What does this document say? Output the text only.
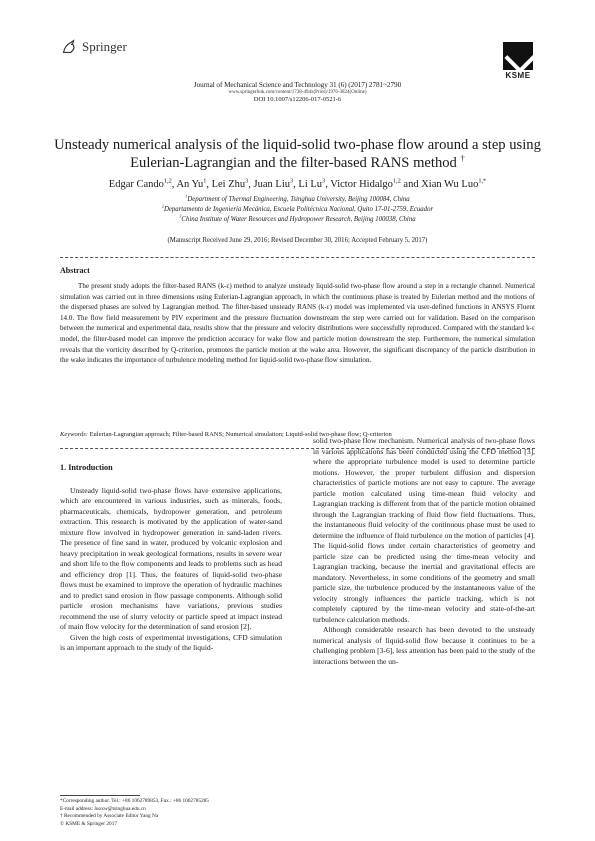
Springer
KSME
Journal of Mechanical Science and Technology 31 (6) (2017) 2781~2790
www.springerlink.com/content/1738-494x(Print)/1976-3824(Online)
DOI 10.1007/s12206-017-0521-6
Unsteady numerical analysis of the liquid-solid two-phase flow around a step using
Eulerian-Lagrangian and the filter-based RANS method †
Edgar Cando$^{1,2}$, An Yu$^1$, Lei Zhu$^3$, Juan Liu$^3$, Li Lu$^3$, Victor Hidalgo$^{1,2}$ and Xian Wu Luo$^{1,*}$
$^1$Department of Thermal Engineering, Tsinghua University, Beijing 100084, China
$^2$Departamento de Ingeniería Mecánica, Escuela Politécnica Nacional, Quito 17-01-2759, Ecuador
$^3$China Institute of Water Resources and Hydropower Research, Beijing 100038, China
(Manuscript Received June 29, 2016; Revised December 30, 2016; Accepted February 5, 2017)
Abstract
The present study adopts the filter-based RANS (k-ε) method to analyze unsteady liquid-solid two-phase flow around a step in a rectangle channel. Numerical simulation was carried out in three dimensions using Eulerian-Lagrangian approach, in which the continuous phase is treated by Eulerian method and the motions of the dispersed phases are solved by Lagrangian method. The filter-based unsteady RANS (k-ε) model was implemented via user-defined functions in ANSYS Fluent 14.0. The flow field measurement by PIV experiment and the pressure fluctuation downstream the step were carried out for validation. Based on the comparison between the numerical and experimental data, results show that the pressure and velocity distributions were successfully reproduced. Compared with the standard k-ε model, the filter-based model can improve the prediction accuracy for wake flow and particle motion downstream the step. Furthermore, the numerical simulation reveals that the vorticity described by Q-criterion, promotes the particle motion at the wake area. However, the significant discrepancy of the particle distribution in the wake indicates the importance of turbulence modeling method for liquid-solid two-phase flow simulation.
Keywords: Eulerian-Lagrangian approach; Filter-based RANS; Numerical simulation; Liquid-solid two-phase flow; Q-criterion

1. Introduction

Unsteady liquid-solid two-phase flows have extensive applications, which are encountered in various industries, such as minerals, foods, pharmaceuticals, chemicals, hydropower generation, and petroleum extraction. This research is motivated by the application of water-sand mixture flow involved in hydropower generation in sand-laden rivers. The presence of fine sand in water, produced by volcanic explosion and heavy precipitation in weak geological formations, results in severe wear and short life to the flow components and leads to problems such as head and efficiency drop [1]. Thus, the features of liquid-solid two-phase flows must be examined to improve the operation of hydraulic machines and to predict sand erosion in flow passage components. Although solid particle erosion mechanisms have variations, previous studies recommend the use of slurry velocity or particle speed at impact instead of main flow velocity for the determination of sand erosion [2].

Given the high costs of experimental investigations, CFD simulation is an important approach to the study of the liquid-

solid two-phase flow mechanism. Numerical analysis of two-phase flows in various applications has been conducted using the CFD method [3], where the appropriate turbulence model is used to determine particle motions. However, the proper turbulent diffusion and dispersion characteristics of particle motions are not easy to capture. The average particle motion calculated using time-mean fluid velocity and Lagrangian tracking is different from that of the particle motion obtained through the Lagrangian tracking of fluid flow field fluctuations. Thus, the instantaneous fluid velocity of the continuous phase must be used to determine the influence of fluid turbulence on the motion of particles [4]. The liquid-solid flows under certain characteristics of geometry and particle size can be predicted using the time-mean velocity and Lagrangian tracking, because the inertial and gravitational effects are mandatory. Nevertheless, in some conditions of the geometry and small particle size, the turbulence produced by the instantaneous value of the velocity strongly influences the particle tracking, which is not completely captured by the time-mean velocity and state-of-the-art turbulence calculation methods.

Although considerable research has been devoted to the unsteady numerical analysis of liquid-solid flow because it continues to be a challenging problem [3-6], less attention has been paid to the study of the interactions between the un-

*Corresponding author. Tel.: +86 1062789853, Fax.: +86 1062785285
E-mail address: luoxw@tsinghua.edu.cn
† Recommended by Associate Editor Yang Na
© KSME & Springer 2017
